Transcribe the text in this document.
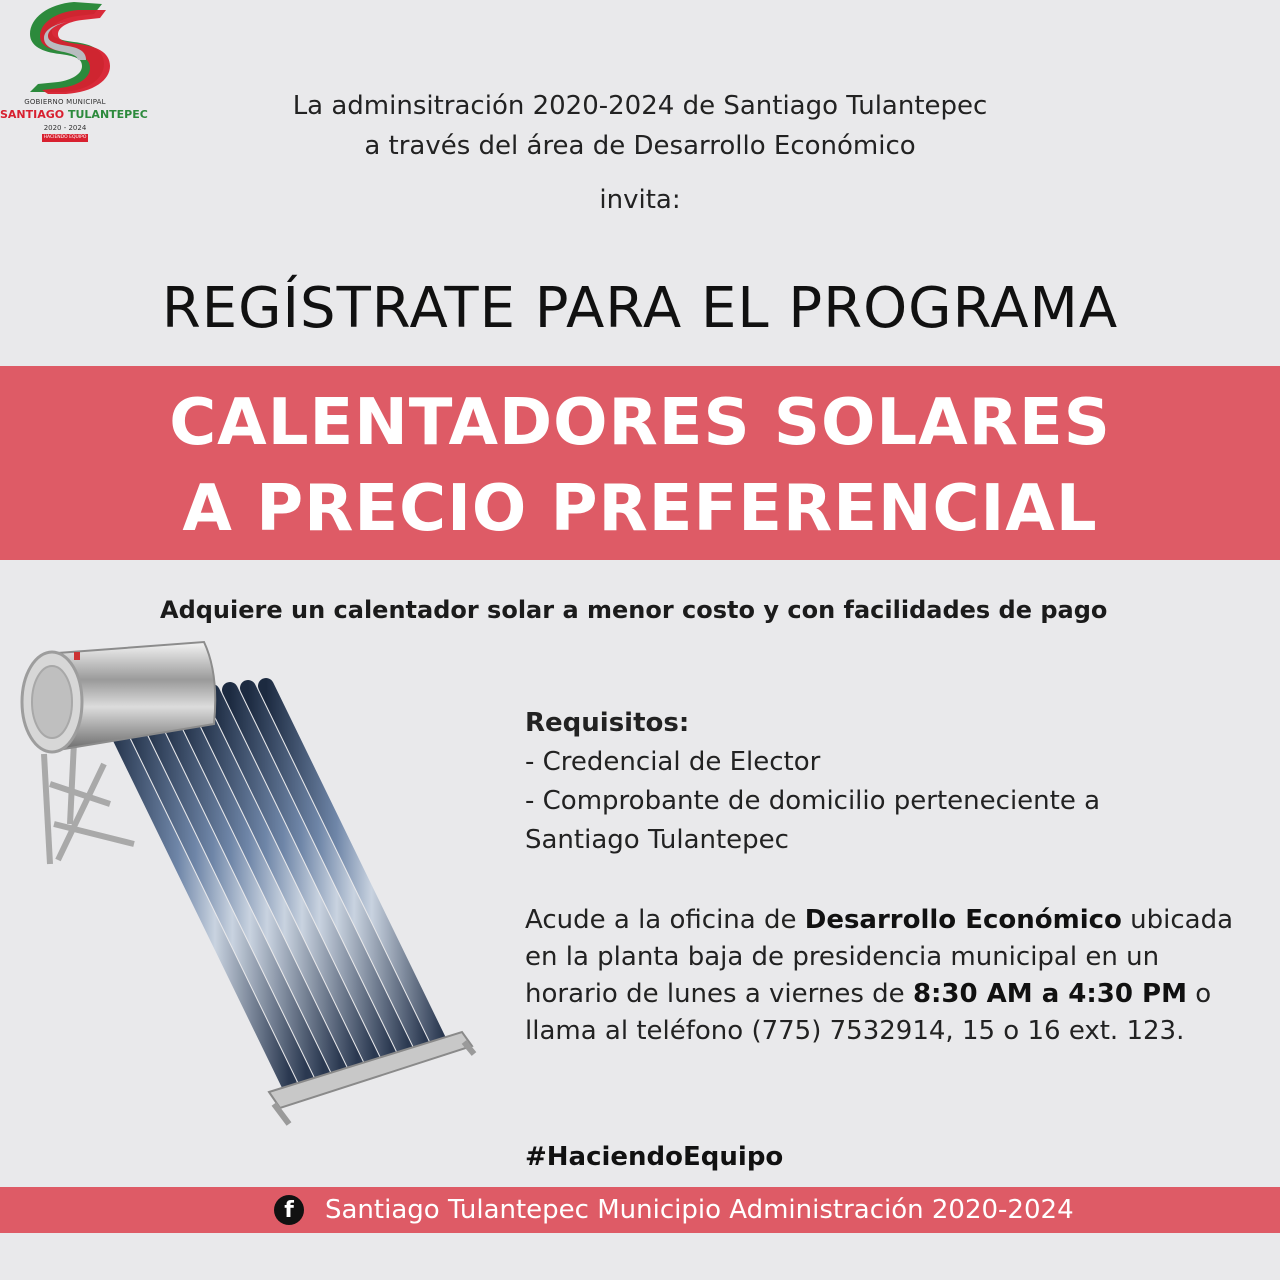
GOBIERNO MUNICIPAL
SANTIAGO TULANTEPEC
2020 - 2024
HACIENDO EQUIPO
La adminsitración 2020-2024 de Santiago Tulantepec
a través del área de Desarrollo Económico
invita:
REGÍSTRATE PARA EL PROGRAMA
CALENTADORES SOLARES
A PRECIO PREFERENCIAL
Adquiere un calentador solar a menor costo y con facilidades de pago
Requisitos:
- Credencial de Elector
- Comprobante de domicilio perteneciente a
Santiago Tulantepec
Acude a la oficina de Desarrollo Económico ubicada en la planta baja de presidencia municipal en un horario de lunes a viernes de 8:30 AM a 4:30 PM o llama al teléfono (775) 7532914, 15 o 16 ext. 123.
#HaciendoEquipo
f	Santiago Tulantepec Municipio Administración 2020-2024
